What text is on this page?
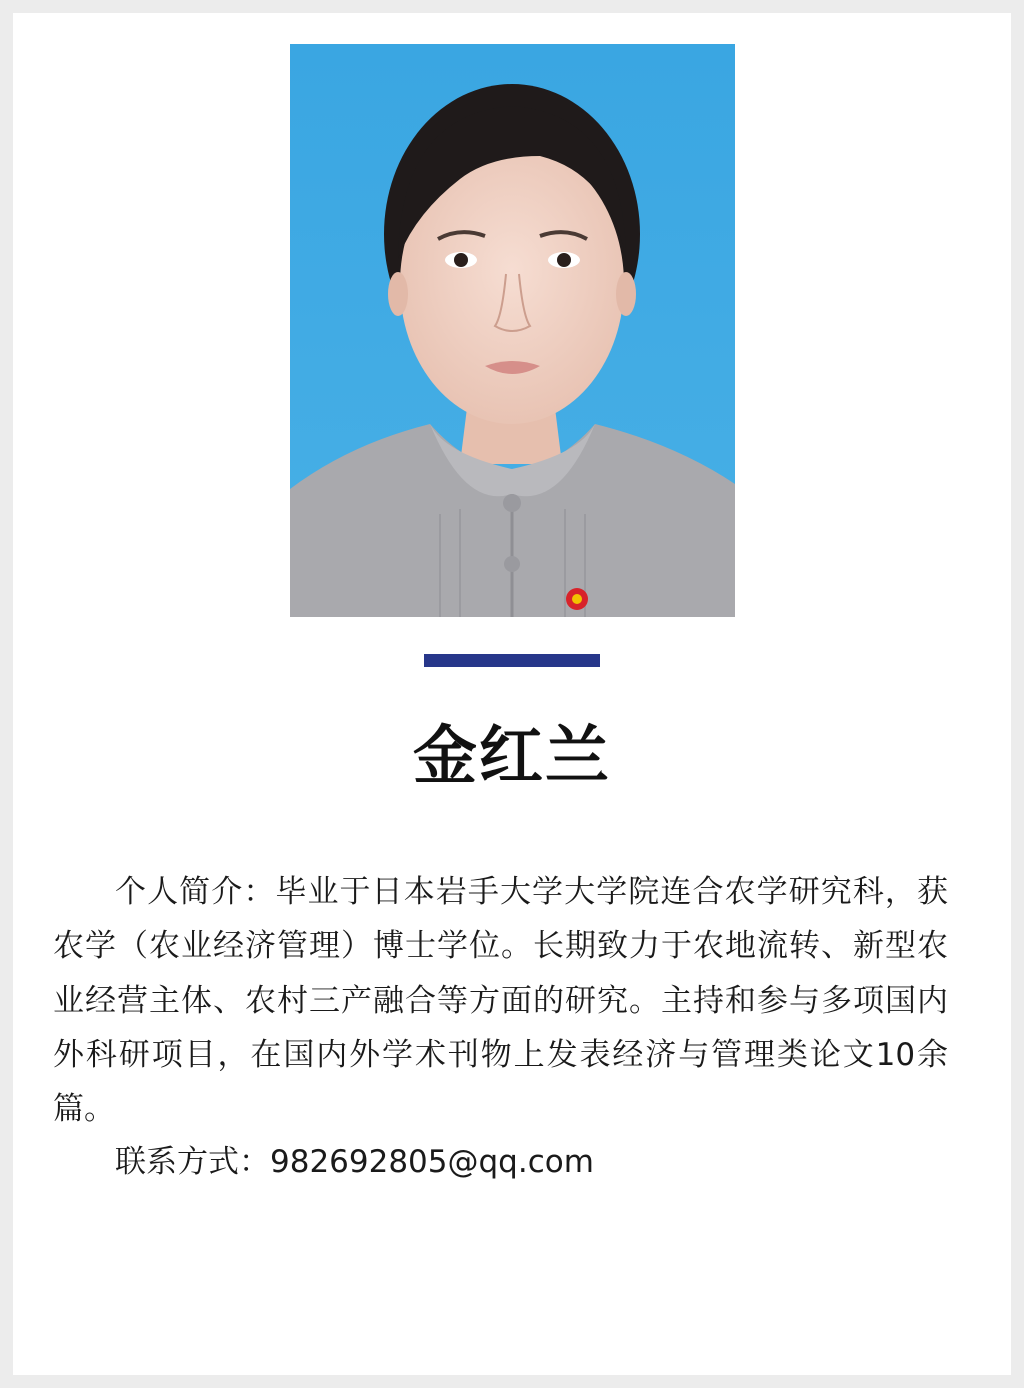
金红兰

个人简介：毕业于日本岩手大学大学院连合农学研究科，获农学（农业经济管理）博士学位。长期致力于农地流转、新型农业经营主体、农村三产融合等方面的研究。主持和参与多项国内外科研项目，在国内外学术刊物上发表经济与管理类论文10余篇。

联系方式：982692805@qq.com
